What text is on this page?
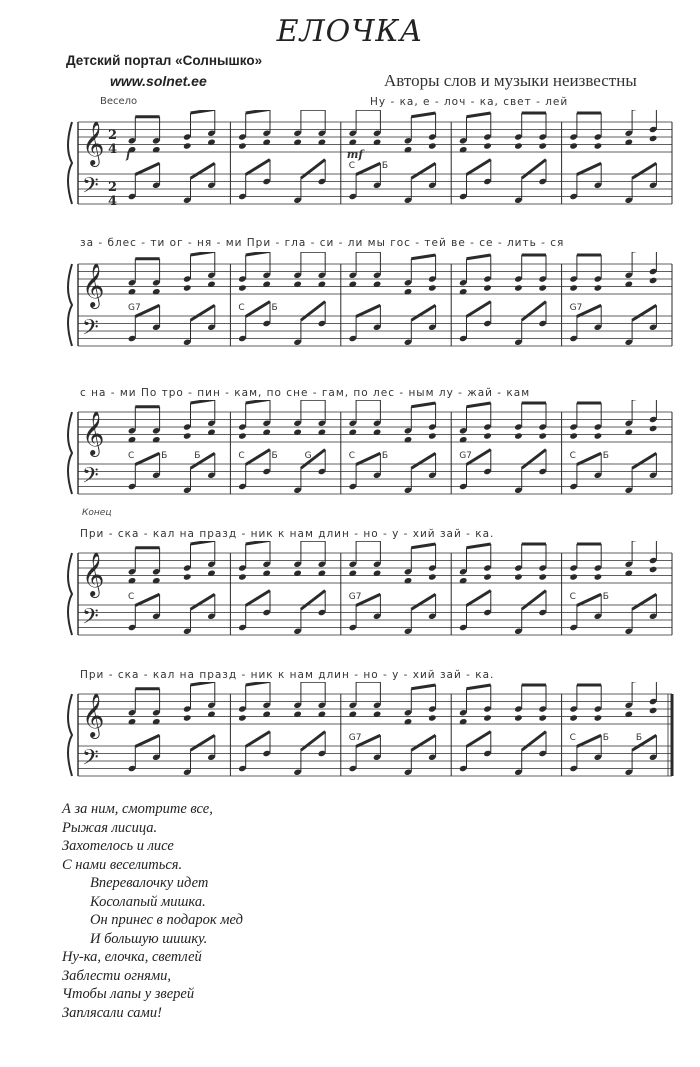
ЕЛОЧКА
Детский портал «Солнышко»
www.solnet.ee	Авторы слов и музыки неизвестны
Весело
Конец
Ну - ка, е - лоч - ка, свет - лей
за - блес - ти ог - ня - ми При - гла - си - ли мы гос - тей ве - се - лить - ся
с на - ми По тро - пин - кам, по сне - гам, по лес - ным лу - жай - кам
При - ска - кал на празд - ник к нам длин - но - у - хий зай - ка.
При - ска - кал на празд - ник к нам длин - но - у - хий зай - ка.
𝄞
𝄢
2
4
2
4
C	Б
f	mf
𝄞
𝄢
G7	C	Б	G7
𝄞
𝄢
C	Б	Б	C	Б	G	C	Б	G7	C	Б
𝄞
𝄢
C	G7	C	Б
𝄞
𝄢
G7	C	Б	Б
А за ним, смотрите все,
Рыжая лисица.
Захотелось и лисе
С нами веселиться.
Вперевалочку идет
Косолапый мишка.
Он принес в подарок мед
И большую шишку.
Ну-ка, елочка, светлей
Заблести огнями,
Чтобы лапы у зверей
Заплясали сами!
